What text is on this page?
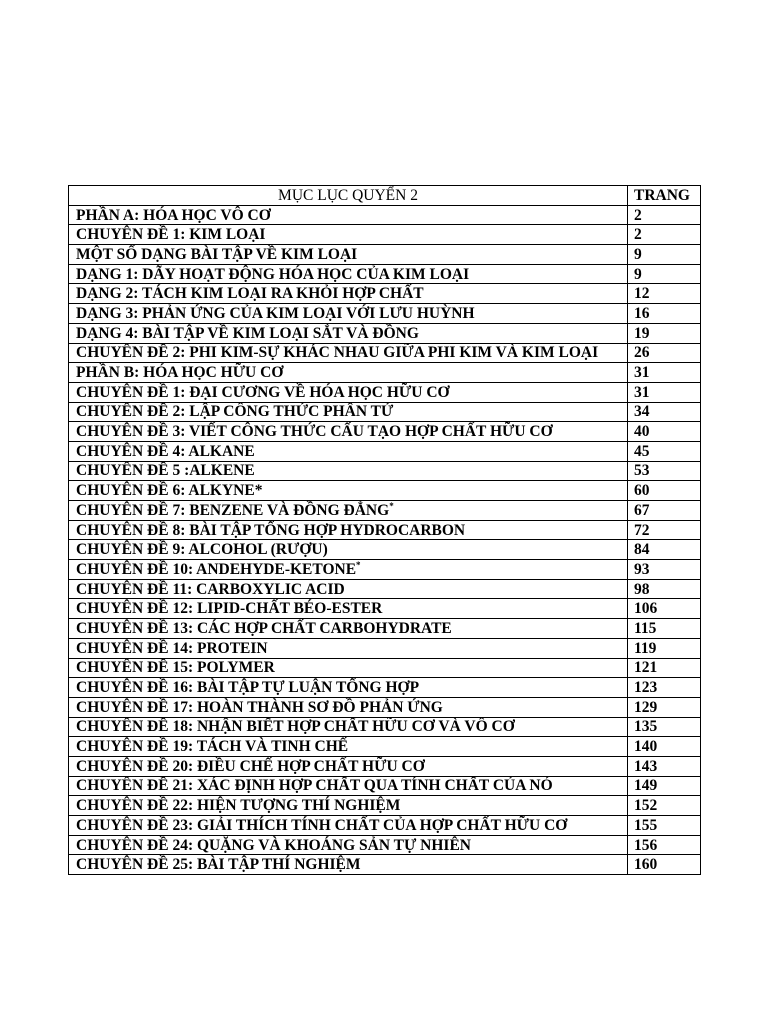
MỤC LỤC QUYỂN 2	TRANG
PHẦN A: HÓA HỌC VÔ CƠ	2
CHUYÊN ĐỀ 1: KIM LOẠI	2
MỘT SỐ DẠNG BÀI TẬP VỀ KIM LOẠI	9
DẠNG 1: DÃY HOẠT ĐỘNG HÓA HỌC CỦA KIM LOẠI	9
DẠNG 2: TÁCH KIM LOẠI RA KHỎI HỢP CHẤT	12
DẠNG 3: PHẢN ỨNG CỦA KIM LOẠI VỚI LƯU HUỲNH	16
DẠNG 4: BÀI TẬP VỀ KIM LOẠI SẮT VÀ ĐỒNG	19
CHUYÊN ĐỀ 2: PHI KIM-SỰ KHÁC NHAU GIỮA PHI KIM VÀ KIM LOẠI	26
PHẦN B: HÓA HỌC HỮU CƠ	31
CHUYÊN ĐỀ 1: ĐẠI CƯƠNG VỀ HÓA HỌC HỮU CƠ	31
CHUYÊN ĐỀ 2: LẬP CÔNG THỨC PHÂN TỬ	34
CHUYÊN ĐỀ 3: VIẾT CÔNG THỨC CẤU TẠO HỢP CHẤT HỮU CƠ	40
CHUYÊN ĐỀ 4: ALKANE	45
CHUYÊN ĐỀ 5 :ALKENE	53
CHUYÊN ĐỀ 6: ALKYNE*	60
CHUYÊN ĐỀ 7: BENZENE VÀ ĐỒNG ĐẲNG*	67
CHUYÊN ĐỀ 8: BÀI TẬP TỔNG HỢP HYDROCARBON	72
CHUYÊN ĐỀ 9: ALCOHOL (RƯỢU)	84
CHUYÊN ĐỀ 10: ANDEHYDE-KETONE*	93
CHUYÊN ĐỀ 11: CARBOXYLIC ACID	98
CHUYÊN ĐỀ 12: LIPID-CHẤT BÉO-ESTER	106
CHUYÊN ĐỀ 13: CÁC HỢP CHẤT CARBOHYDRATE	115
CHUYÊN ĐỀ 14: PROTEIN	119
CHUYÊN ĐỀ 15: POLYMER	121
CHUYÊN ĐỀ 16: BÀI TẬP TỰ LUẬN TỔNG HỢP	123
CHUYÊN ĐỀ 17: HOÀN THÀNH SƠ ĐỒ PHẢN ỨNG	129
CHUYÊN ĐỀ 18: NHẬN BIẾT HỢP CHẤT HỮU CƠ VÀ VÔ CƠ	135
CHUYÊN ĐỀ 19: TÁCH VÀ TINH CHẾ	140
CHUYÊN ĐỀ 20: ĐIỀU CHẾ HỢP CHẤT HỮU CƠ	143
CHUYÊN ĐỀ 21: XÁC ĐỊNH HỢP CHẤT QUA TÍNH CHẤT CỦA NÓ	149
CHUYÊN ĐỀ 22: HIỆN TƯỢNG THÍ NGHIỆM	152
CHUYÊN ĐỀ 23: GIẢI THÍCH TÍNH CHẤT CỦA HỢP CHẤT HỮU CƠ	155
CHUYÊN ĐỀ 24: QUẶNG VÀ KHOÁNG SẢN TỰ NHIÊN	156
CHUYÊN ĐỀ 25: BÀI TẬP THÍ NGHIỆM	160
